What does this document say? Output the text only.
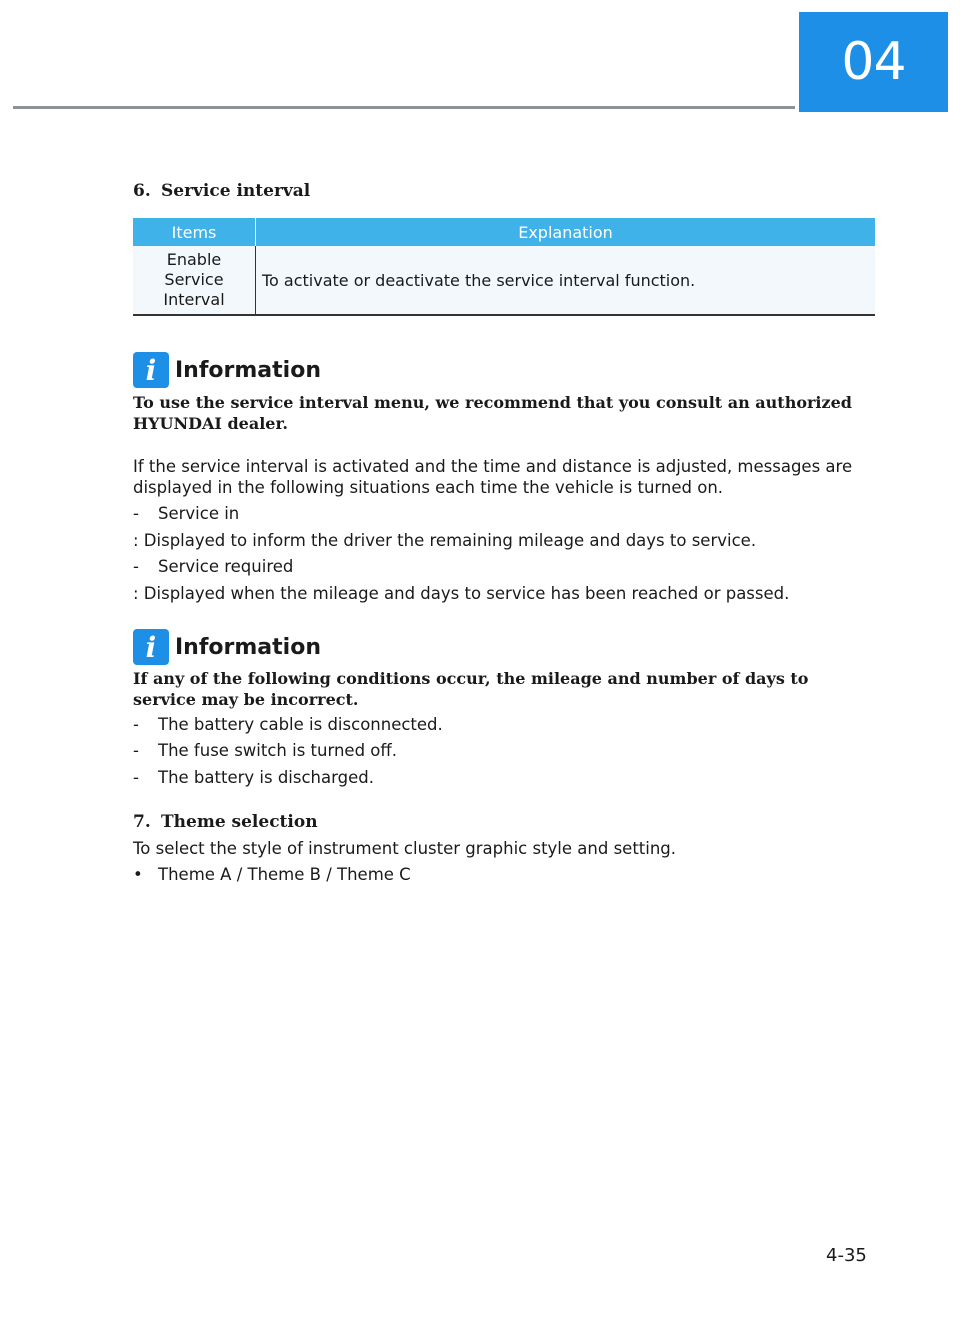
04
6. Service interval
Items	Explanation

Enable Service Interval	To activate or deactivate the service interval function.
i Information
To use the service interval menu, we recommend that you consult an authorized HYUNDAI dealer.
If the service interval is activated and the time and distance is adjusted, messages are displayed in the following situations each time the vehicle is turned on.
- Service in
: Displayed to inform the driver the remaining mileage and days to service.
- Service required
: Displayed when the mileage and days to service has been reached or passed.
i Information
If any of the following conditions occur, the mileage and number of days to service may be incorrect.
- The battery cable is disconnected.
- The fuse switch is turned off.
- The battery is discharged.
7. Theme selection
To select the style of instrument cluster graphic style and setting.
• Theme A / Theme B / Theme C
4-35
